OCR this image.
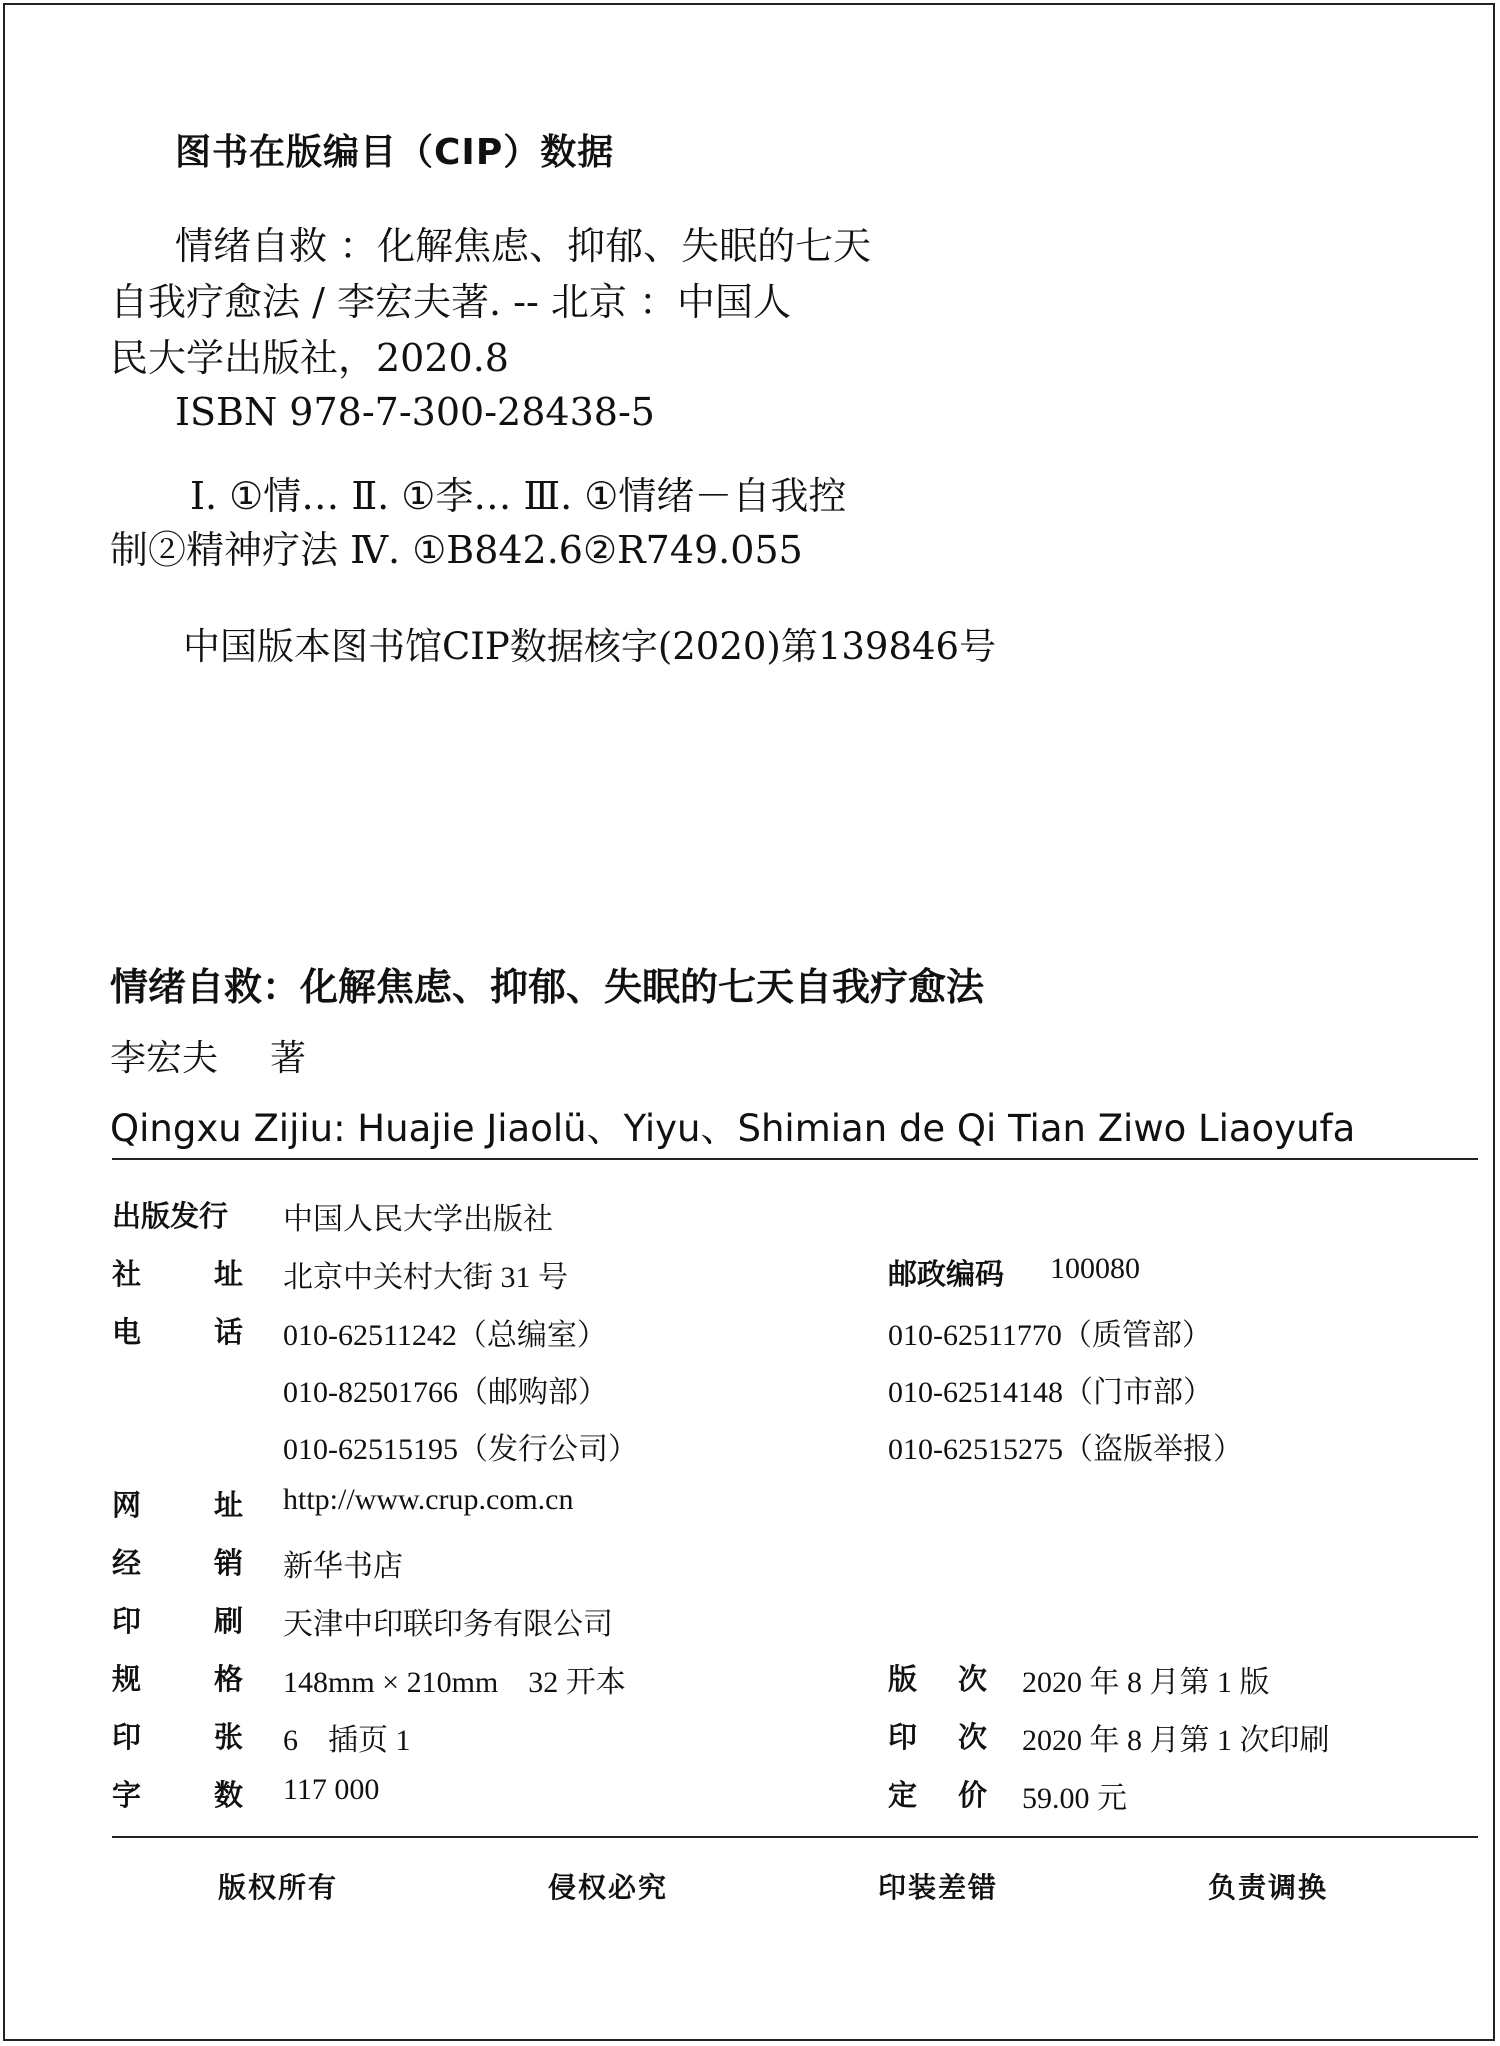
图书在版编目（CIP）数据
情绪自救 ：化解焦虑、抑郁、失眠的七天
自我疗愈法 / 李宏夫著. -- 北京 ：中国人
民大学出版社，2020.8
ISBN 978-7-300-28438-5
Ⅰ. ①情… Ⅱ. ①李… Ⅲ. ①情绪－自我控
制②精神疗法 Ⅳ. ①B842.6②R749.055
中国版本图书馆CIP数据核字(2020)第139846号
情绪自救：化解焦虑、抑郁、失眠的七天自我疗愈法
李宏夫 著
Qingxu Zijiu: Huajie Jiaolü、Yiyu、Shimian de Qi Tian Ziwo Liaoyufa
出版发行 中国人民大学出版社
社	址 北京中关村大街 31 号	邮政编码 100080
电	话 010-62511242（总编室）	010-62511770（质管部）
010-82501766（邮购部）	010-62514148（门市部）
010-62515195（发行公司）	010-62515275（盗版举报）
网	址 http://www.crup.com.cn
经	销 新华书店
印	刷 天津中印联印务有限公司
规	格 148mm × 210mm　32 开本	版 次 2020 年 8 月第 1 版
印	张 6　插页 1	印 次 2020 年 8 月第 1 次印刷
字	数 117 000	定 价 59.00 元
版权所有	侵权必究	印装差错	负责调换
